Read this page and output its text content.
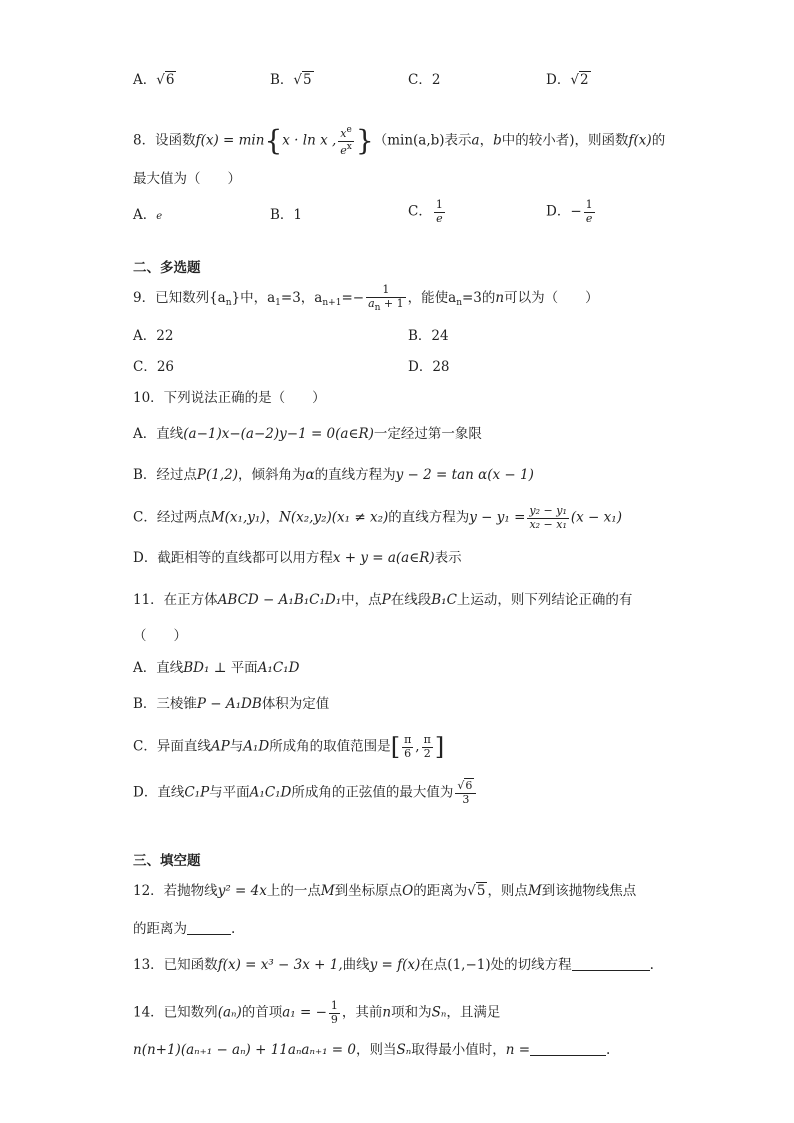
A．√6	B．√5	C．2	D．√2
8．设函数f(x) = min{x · ln x , $\frac{x^e}{e^x} \}(\min(a,b)$表示a，b中的较小者)，则函数f(x)的
最大值为（　　）
A．e	B．1	C． $\frac{1}{e}$	D．− $\frac{1}{e}$
二、多选题
9．已知数列$\{a_n\}$中，$a_1=3$，$a_{n+1}=- \frac{1}{a_n + 1}$ ，能使$a_n=3$的n可以为（　　）
A．22	B．24
C．26	D．28
10．下列说法正确的是（　　）
A．直线(a−1)x−(a−2)y−1 = 0(a∈R)一定经过第一象限
B．经过点P(1,2)，倾斜角为α的直线方程为y − 2 = tan α(x − 1)
C．经过两点M(x₁,y₁)，N(x₂,y₂)(x₁ ≠ x₂)的直线方程为$y - y_1 = \frac{\text{y₂ − y₁}}{\text{x₂ − x₁}} (x - x_1)$
D．截距相等的直线都可以用方程x + y = a(a∈R)表示
11．在正方体ABCD − A₁B₁C₁D₁中，点P在线段B₁C上运动，则下列结论正确的有
（　　）
A．直线BD₁ ⊥ 平面A₁C₁D
B．三棱锥P − A₁DB体积为定值
C．异面直线AP与A₁D所成角的取值范围是[ $\frac{\pi}{6}$ , $\frac{\pi}{2}$ ]
D．直线C₁P与平面A₁C₁D所成角的正弦值的最大值为 $\frac{√6}{3}$
三、填空题
12．若抛物线y² = 4x上的一点M到坐标原点O的距离为√5 ，则点M到该抛物线焦点
的距离为	.
13．已知函数f(x) = x³ − 3x + 1,曲线y = f(x)在点(1,−1)处的切线方程	.
14．已知数列(aₙ)的首项a₁ = − $\frac{1}{9}$ ，其前n项和为Sₙ，且满足
n(n+1)(aₙ₊₁ − aₙ) + 11aₙaₙ₊₁ = 0，则当Sₙ取得最小值时，n =	.
